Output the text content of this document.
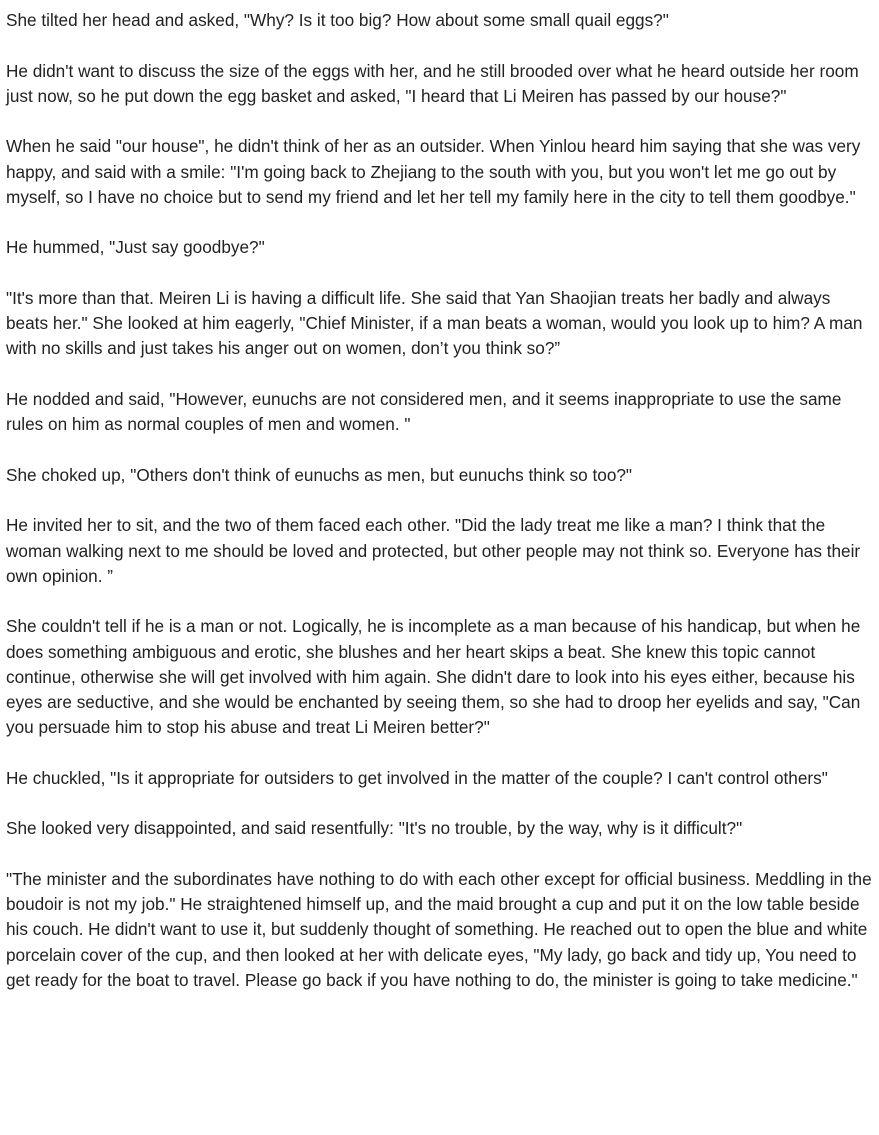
She tilted her head and asked, "Why? Is it too big? How about some small quail eggs?"

He didn't want to discuss the size of the eggs with her, and he still brooded over what he heard outside her room just now, so he put down the egg basket and asked, "I heard that Li Meiren has passed by our house?"

When he said "our house", he didn't think of her as an outsider. When Yinlou heard him saying that she was very happy, and said with a smile: "I'm going back to Zhejiang to the south with you, but you won't let me go out by myself, so I have no choice but to send my friend and let her tell my family here in the city to tell them goodbye."

He hummed, "Just say goodbye?"

"It's more than that. Meiren Li is having a difficult life. She said that Yan Shaojian treats her badly and always beats her." She looked at him eagerly, "Chief Minister, if a man beats a woman, would you look up to him? A man with no skills and just takes his anger out on women, don’t you think so?”

He nodded and said, "However, eunuchs are not considered men, and it seems inappropriate to use the same rules on him as normal couples of men and women. "

She choked up, "Others don't think of eunuchs as men, but eunuchs think so too?"

He invited her to sit, and the two of them faced each other. "Did the lady treat me like a man? I think that the woman walking next to me should be loved and protected, but other people may not think so. Everyone has their own opinion. ”

She couldn't tell if he is a man or not. Logically, he is incomplete as a man because of his handicap, but when he does something ambiguous and erotic, she blushes and her heart skips a beat. She knew this topic cannot continue, otherwise she will get involved with him again. She didn't dare to look into his eyes either, because his eyes are seductive, and she would be enchanted by seeing them, so she had to droop her eyelids and say, "Can you persuade him to stop his abuse and treat Li Meiren better?"

He chuckled, "Is it appropriate for outsiders to get involved in the matter of the couple? I can't control others"

She looked very disappointed, and said resentfully: "It's no trouble, by the way, why is it difficult?"

"The minister and the subordinates have nothing to do with each other except for official business. Meddling in the boudoir is not my job." He straightened himself up, and the maid brought a cup and put it on the low table beside his couch. He didn't want to use it, but suddenly thought of something. He reached out to open the blue and white porcelain cover of the cup, and then looked at her with delicate eyes, "My lady, go back and tidy up, You need to get ready for the boat to travel. Please go back if you have nothing to do, the minister is going to take medicine."
